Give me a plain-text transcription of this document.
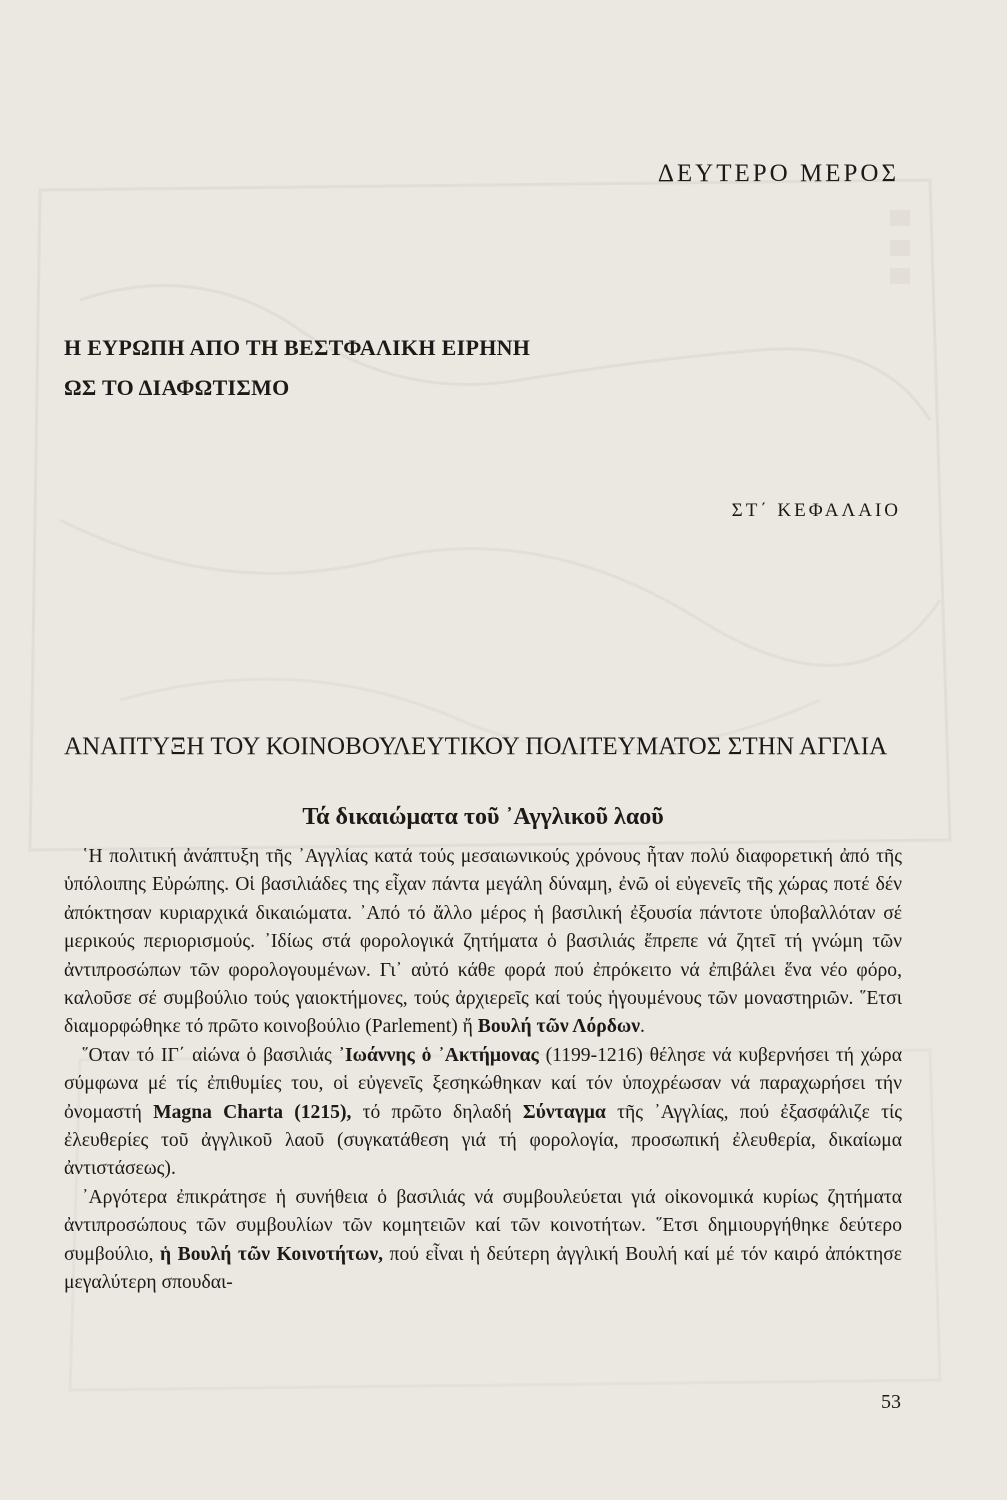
ΔΕΥΤΕΡΟ ΜΕΡΟΣ
Η ΕΥΡΩΠΗ ΑΠΟ ΤΗ ΒΕΣΤΦΑΛΙΚΗ ΕΙΡΗΝΗ
ΩΣ ΤΟ ΔΙΑΦΩΤΙΣΜΟ
ΣΤ΄ ΚΕΦΑΛΑΙΟ
ΑΝΑΠΤΥΞΗ ΤΟΥ ΚΟΙΝΟΒΟΥΛΕΥΤΙΚΟΥ ΠΟΛΙΤΕΥΜΑΤΟΣ ΣΤΗΝ ΑΓΓΛΙΑ
Τά δικαιώματα τοῦ ᾿Αγγλικοῦ λαοῦ

῾Η πολιτική ἀνάπτυξη τῆς ᾿Αγγλίας κατά τούς μεσαιωνικούς χρόνους ἦταν πολύ διαφορετική ἀπό τῆς ὑπόλοιπης Εὐρώπης. Οἱ βασιλιάδες της εἶχαν πάντα μεγάλη δύναμη, ἐνῶ οἱ εὐγενεῖς τῆς χώρας ποτέ δέν ἀπόκτησαν κυριαρχικά δικαιώματα. ᾿Από τό ἄλλο μέρος ἡ βασιλική ἐξουσία πάντοτε ὑποβαλλόταν σέ μερικούς περιορισμούς. ᾿Ιδίως στά φορολογικά ζητήματα ὁ βασιλιάς ἔπρεπε νά ζητεῖ τή γνώμη τῶν ἀντιπροσώπων τῶν φορολογουμένων. Γι᾿ αὐτό κάθε φορά πού ἐπρόκειτο νά ἐπιβάλει ἕνα νέο φόρο, καλοῦσε σέ συμβούλιο τούς γαιοκτήμονες, τούς ἀρχιερεῖς καί τούς ἡγουμένους τῶν μοναστηριῶν. ῞Ετσι διαμορφώθηκε τό πρῶτο κοινοβούλιο (Parlement) ἤ Βουλή τῶν Λόρδων.

῞Οταν τό ΙΓ΄ αἰώνα ὁ βασιλιάς ᾿Ιωάννης ὁ ᾿Ακτήμονας (1199-1216) θέλησε νά κυβερνήσει τή χώρα σύμφωνα μέ τίς ἐπιθυμίες του, οἱ εὐγενεῖς ξεσηκώθηκαν καί τόν ὑποχρέωσαν νά παραχωρήσει τήν ὀνομαστή Magna Charta (1215), τό πρῶτο δηλαδή Σύνταγμα τῆς ᾿Αγγλίας, πού ἐξασφάλιζε τίς ἐλευθερίες τοῦ ἀγγλικοῦ λαοῦ (συγκατάθεση γιά τή φορολογία, προσωπική ἐλευθερία, δικαίωμα ἀντιστάσεως).

᾿Αργότερα ἐπικράτησε ἡ συνήθεια ὁ βασιλιάς νά συμβουλεύεται γιά οἰκονομικά κυρίως ζητήματα ἀντιπροσώπους τῶν συμβουλίων τῶν κομητειῶν καί τῶν κοινοτήτων. ῞Ετσι δημιουργήθηκε δεύτερο συμβούλιο, ἡ Βουλή τῶν Κοινοτήτων, πού εἶναι ἡ δεύτερη ἀγγλική Βουλή καί μέ τόν καιρό ἀπόκτησε μεγαλύτερη σπουδαι-

53
